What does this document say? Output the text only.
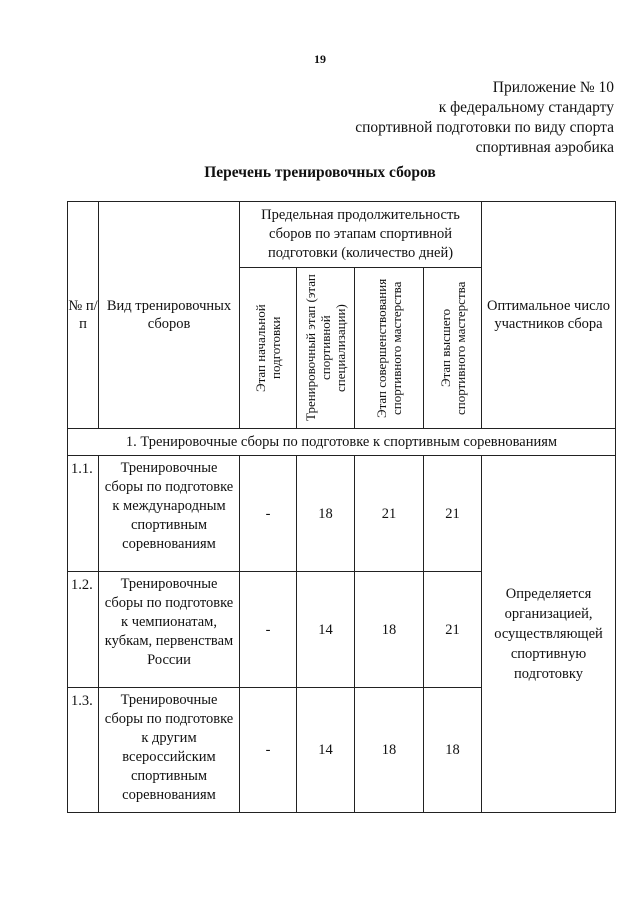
19
Приложение № 10
к федеральному стандарту
спортивной подготовки по виду спорта
спортивная аэробика
Перечень тренировочных сборов
№ п/п	Вид тренировочных сборов	Предельная продолжительность сборов по этапам спортивной подготовки (количество дней)				Оптимальное число участников сбора

		Этап начальной подготовки	Тренировочный этап (этап спортивной специализации)	Этап совершенствования спортивного мастерства	Этап высшего спортивного мастерства	

1. Тренировочные сборы по подготовке к спортивным соревнованиям						
1.1.	Тренировочные сборы по подготовке к международным спортивным соревнованиям	-	18	21	21	Определяется организацией, осуществляющей спортивную подготовку
1.2.	Тренировочные сборы по подготовке к чемпионатам, кубкам, первенствам России	-	14	18	21	
1.3.	Тренировочные сборы по подготовке к другим всероссийским спортивным соревнованиям	-	14	18	18	
